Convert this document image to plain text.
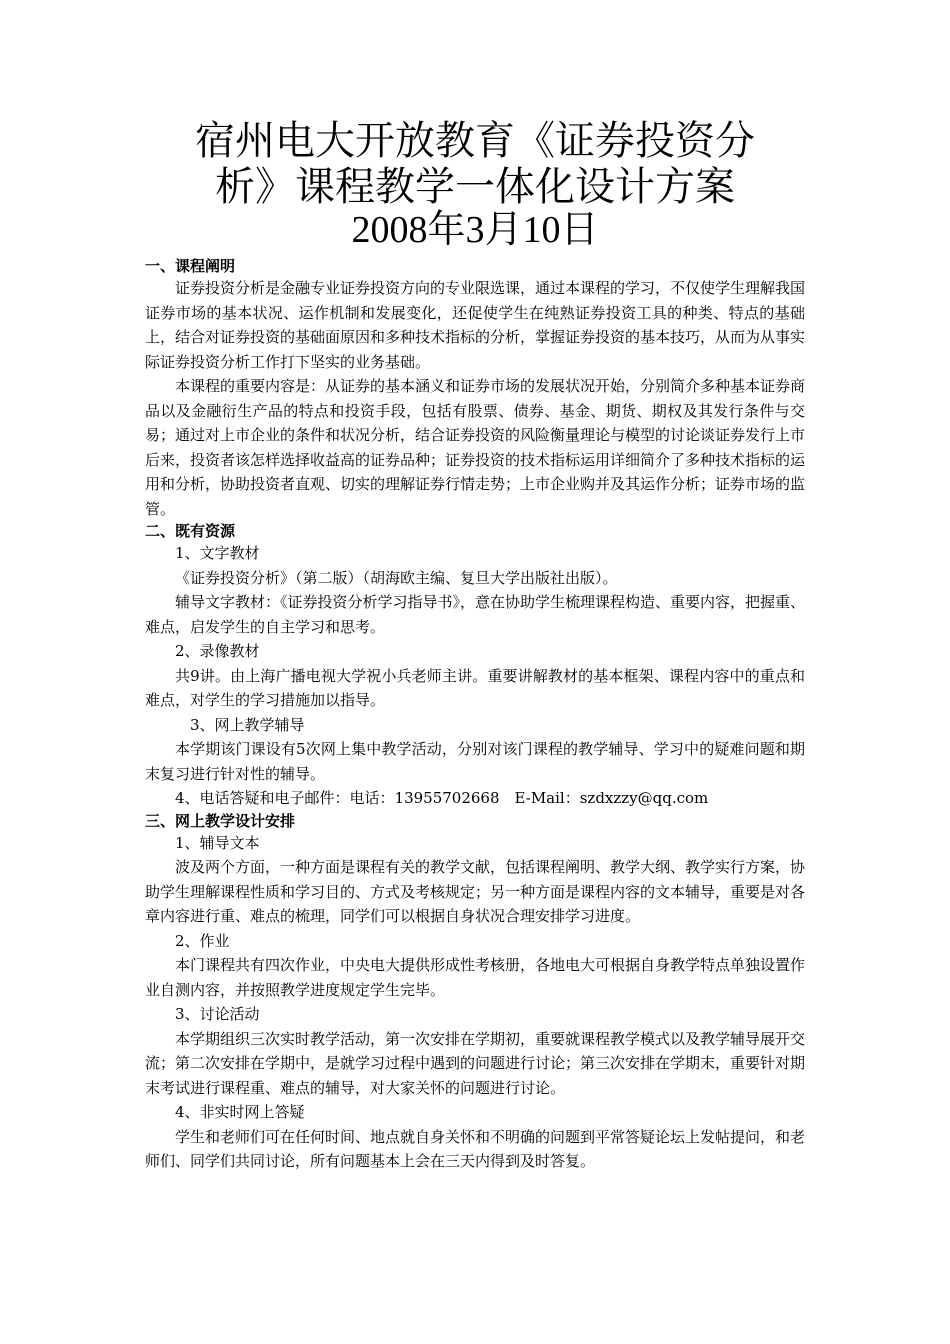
宿州电大开放教育《证券投资分
析》课程教学一体化设计方案
2008年3月10日
一、课程阐明

证券投资分析是金融专业证券投资方向的专业限选课，通过本课程的学习，不仅使学生理解我国证券市场的基本状况、运作机制和发展变化，还促使学生在纯熟证券投资工具的种类、特点的基础上，结合对证券投资的基础面原因和多种技术指标的分析，掌握证券投资的基本技巧，从而为从事实际证券投资分析工作打下坚实的业务基础。

本课程的重要内容是：从证券的基本涵义和证券市场的发展状况开始，分别简介多种基本证券商品以及金融衍生产品的特点和投资手段，包括有股票、债券、基金、期货、期权及其发行条件与交易；通过对上市企业的条件和状况分析，结合证券投资的风险衡量理论与模型的讨论谈证券发行上市后来，投资者该怎样选择收益高的证券品种；证券投资的技术指标运用详细简介了多种技术指标的运用和分析，协助投资者直观、切实的理解证券行情走势；上市企业购并及其运作分析；证券市场的监管。

二、既有资源

1、文字教材

《证券投资分析》（第二版）（胡海欧主编、复旦大学出版社出版）。

辅导文字教材：《证券投资分析学习指导书》，意在协助学生梳理课程构造、重要内容，把握重、难点，启发学生的自主学习和思考。

2、录像教材

共9讲。由上海广播电视大学祝小兵老师主讲。重要讲解教材的基本框架、课程内容中的重点和难点，对学生的学习措施加以指导。

3、网上教学辅导

本学期该门课设有5次网上集中教学活动，分别对该门课程的教学辅导、学习中的疑难问题和期末复习进行针对性的辅导。

4、电话答疑和电子邮件：电话：13955702668　E-Mail：szdxzzy@qq.com

三、网上教学设计安排

1、辅导文本

波及两个方面，一种方面是课程有关的教学文献，包括课程阐明、教学大纲、教学实行方案，协助学生理解课程性质和学习目的、方式及考核规定；另一种方面是课程内容的文本辅导，重要是对各章内容进行重、难点的梳理，同学们可以根据自身状况合理安排学习进度。

2、作业

本门课程共有四次作业，中央电大提供形成性考核册，各地电大可根据自身教学特点单独设置作业自测内容，并按照教学进度规定学生完毕。

3、讨论活动

本学期组织三次实时教学活动，第一次安排在学期初，重要就课程教学模式以及教学辅导展开交流；第二次安排在学期中，是就学习过程中遇到的问题进行讨论；第三次安排在学期末，重要针对期末考试进行课程重、难点的辅导，对大家关怀的问题进行讨论。

4、非实时网上答疑

学生和老师们可在任何时间、地点就自身关怀和不明确的问题到平常答疑论坛上发帖提问，和老师们、同学们共同讨论，所有问题基本上会在三天内得到及时答复。
